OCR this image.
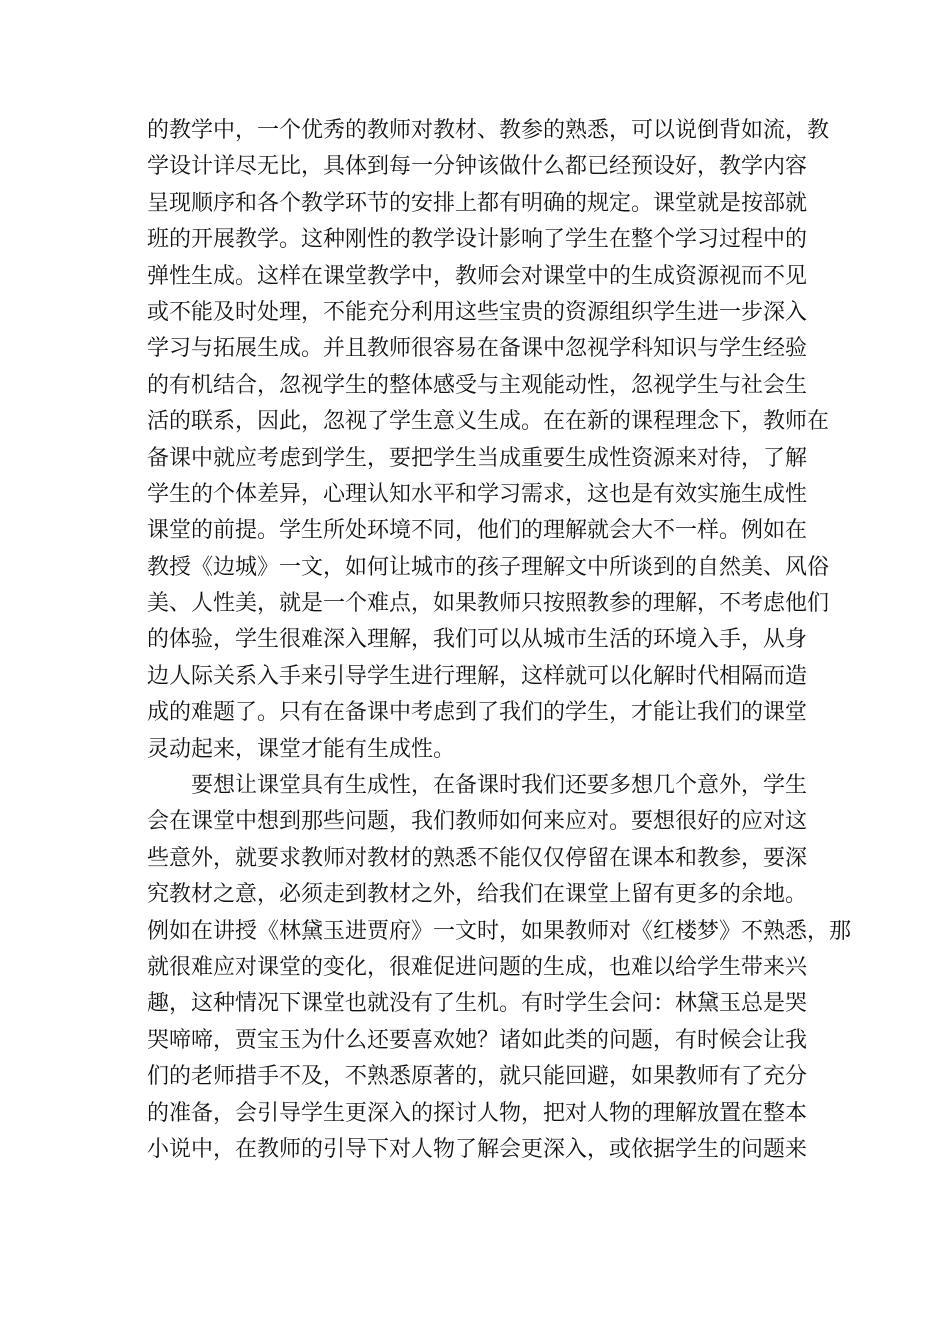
的教学中，一个优秀的教师对教材、教参的熟悉，可以说倒背如流，教
学设计详尽无比，具体到每一分钟该做什么都已经预设好，教学内容
呈现顺序和各个教学环节的安排上都有明确的规定。课堂就是按部就
班的开展教学。这种刚性的教学设计影响了学生在整个学习过程中的
弹性生成。这样在课堂教学中，教师会对课堂中的生成资源视而不见
或不能及时处理，不能充分利用这些宝贵的资源组织学生进一步深入
学习与拓展生成。并且教师很容易在备课中忽视学科知识与学生经验
的有机结合，忽视学生的整体感受与主观能动性，忽视学生与社会生
活的联系，因此，忽视了学生意义生成。在在新的课程理念下，教师在
备课中就应考虑到学生，要把学生当成重要生成性资源来对待，了解
学生的个体差异，心理认知水平和学习需求，这也是有效实施生成性
课堂的前提。学生所处环境不同，他们的理解就会大不一样。例如在
教授《边城》一文，如何让城市的孩子理解文中所谈到的自然美、风俗
美、人性美，就是一个难点，如果教师只按照教参的理解，不考虑他们
的体验，学生很难深入理解，我们可以从城市生活的环境入手，从身
边人际关系入手来引导学生进行理解，这样就可以化解时代相隔而造
成的难题了。只有在备课中考虑到了我们的学生，才能让我们的课堂
灵动起来，课堂才能有生成性。
要想让课堂具有生成性，在备课时我们还要多想几个意外，学生
会在课堂中想到那些问题，我们教师如何来应对。要想很好的应对这
些意外，就要求教师对教材的熟悉不能仅仅停留在课本和教参，要深
究教材之意，必须走到教材之外，给我们在课堂上留有更多的余地。
例如在讲授《林黛玉进贾府》一文时，如果教师对《红楼梦》不熟悉，那
就很难应对课堂的变化，很难促进问题的生成，也难以给学生带来兴
趣，这种情况下课堂也就没有了生机。有时学生会问：林黛玉总是哭
哭啼啼，贾宝玉为什么还要喜欢她？诸如此类的问题，有时候会让我
们的老师措手不及，不熟悉原著的，就只能回避，如果教师有了充分
的准备，会引导学生更深入的探讨人物，把对人物的理解放置在整本
小说中，在教师的引导下对人物了解会更深入，或依据学生的问题来
